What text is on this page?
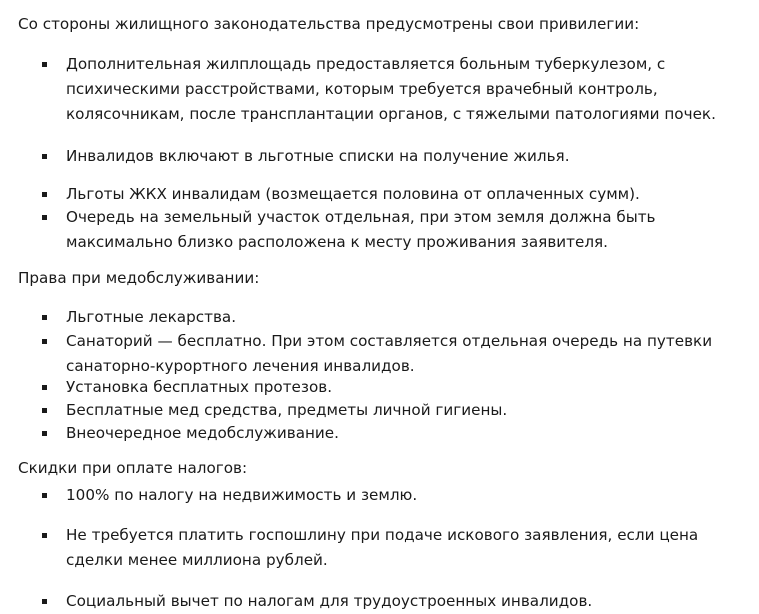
Со стороны жилищного законодательства предусмотрены свои привилегии:
Дополнительная жилплощадь предоставляется больным туберкулезом, с
психическими расстройствами, которым требуется врачебный контроль,
колясочникам, после трансплантации органов, с тяжелыми патологиями почек.
Инвалидов включают в льготные списки на получение жилья.
Льготы ЖКХ инвалидам (возмещается половина от оплаченных сумм).
Очередь на земельный участок отдельная, при этом земля должна быть
максимально близко расположена к месту проживания заявителя.
Права при медобслуживании:
Льготные лекарства.
Санаторий — бесплатно. При этом составляется отдельная очередь на путевки
санаторно-курортного лечения инвалидов.
Установка бесплатных протезов.
Бесплатные мед средства, предметы личной гигиены.
Внеочередное медобслуживание.
Скидки при оплате налогов:
100% по налогу на недвижимость и землю.
Не требуется платить госпошлину при подаче искового заявления, если цена
сделки менее миллиона рублей.
Социальный вычет по налогам для трудоустроенных инвалидов.
